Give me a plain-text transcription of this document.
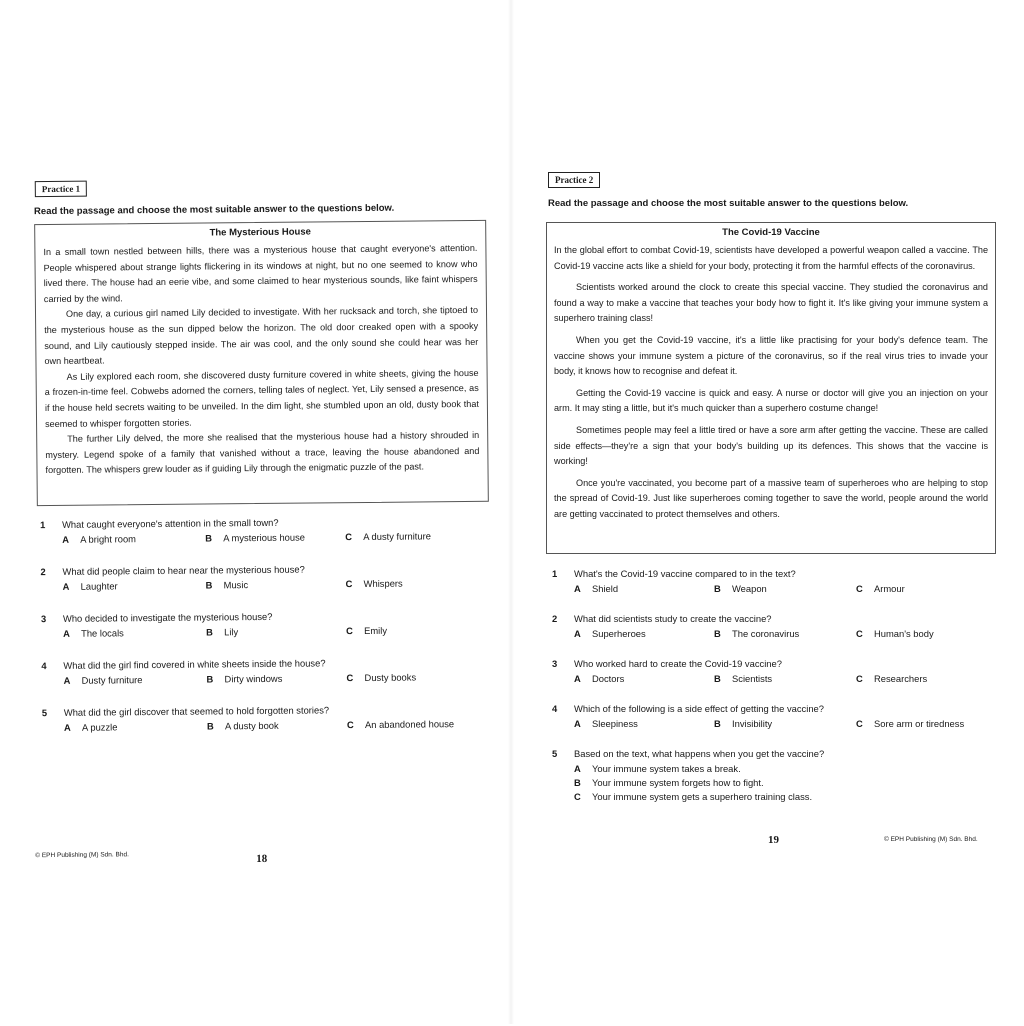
Practice 1
Read the passage and choose the most suitable answer to the questions below.
The Mysterious House

In a small town nestled between hills, there was a mysterious house that caught everyone's attention. People whispered about strange lights flickering in its windows at night, but no one seemed to know who lived there. The house had an eerie vibe, and some claimed to hear mysterious sounds, like faint whispers carried by the wind.

One day, a curious girl named Lily decided to investigate. With her rucksack and torch, she tiptoed to the mysterious house as the sun dipped below the horizon. The old door creaked open with a spooky sound, and Lily cautiously stepped inside. The air was cool, and the only sound she could hear was her own heartbeat.

As Lily explored each room, she discovered dusty furniture covered in white sheets, giving the house a frozen-in-time feel. Cobwebs adorned the corners, telling tales of neglect. Yet, Lily sensed a presence, as if the house held secrets waiting to be unveiled. In the dim light, she stumbled upon an old, dusty book that seemed to whisper forgotten stories.

The further Lily delved, the more she realised that the mysterious house had a history shrouded in mystery. Legend spoke of a family that vanished without a trace, leaving the house abandoned and forgotten. The whispers grew louder as if guiding Lily through the enigmatic puzzle of the past.

1 What caught everyone's attention in the small town?
A A bright room	B A mysterious house	C A dusty furniture
2 What did people claim to hear near the mysterious house?
A Laughter	B Music	C Whispers
3 Who decided to investigate the mysterious house?
A The locals	B Lily	C Emily
4 What did the girl find covered in white sheets inside the house?
A Dusty furniture	B Dirty windows	C Dusty books
5 What did the girl discover that seemed to hold forgotten stories?
A A puzzle	B A dusty book	C An abandoned house
© EPH Publishing (M) Sdn. Bhd.	18
Practice 2
Read the passage and choose the most suitable answer to the questions below.
The Covid-19 Vaccine

In the global effort to combat Covid-19, scientists have developed a powerful weapon called a vaccine. The Covid-19 vaccine acts like a shield for your body, protecting it from the harmful effects of the coronavirus.

Scientists worked around the clock to create this special vaccine. They studied the coronavirus and found a way to make a vaccine that teaches your body how to fight it. It's like giving your immune system a superhero training class!

When you get the Covid-19 vaccine, it's a little like practising for your body's defence team. The vaccine shows your immune system a picture of the coronavirus, so if the real virus tries to invade your body, it knows how to recognise and defeat it.

Getting the Covid-19 vaccine is quick and easy. A nurse or doctor will give you an injection on your arm. It may sting a little, but it's much quicker than a superhero costume change!

Sometimes people may feel a little tired or have a sore arm after getting the vaccine. These are called side effects—they're a sign that your body's building up its defences. This shows that the vaccine is working!

Once you're vaccinated, you become part of a massive team of superheroes who are helping to stop the spread of Covid-19. Just like superheroes coming together to save the world, people around the world are getting vaccinated to protect themselves and others.

1 What's the Covid-19 vaccine compared to in the text?
A Shield	B Weapon	C Armour
2 What did scientists study to create the vaccine?
A Superheroes	B The coronavirus	C Human's body
3 Who worked hard to create the Covid-19 vaccine?
A Doctors	B Scientists	C Researchers
4 Which of the following is a side effect of getting the vaccine?
A Sleepiness	B Invisibility	C Sore arm or tiredness
5 Based on the text, what happens when you get the vaccine?
A Your immune system takes a break.
B Your immune system forgets how to fight.
C Your immune system gets a superhero training class.
19	© EPH Publishing (M) Sdn. Bhd.
